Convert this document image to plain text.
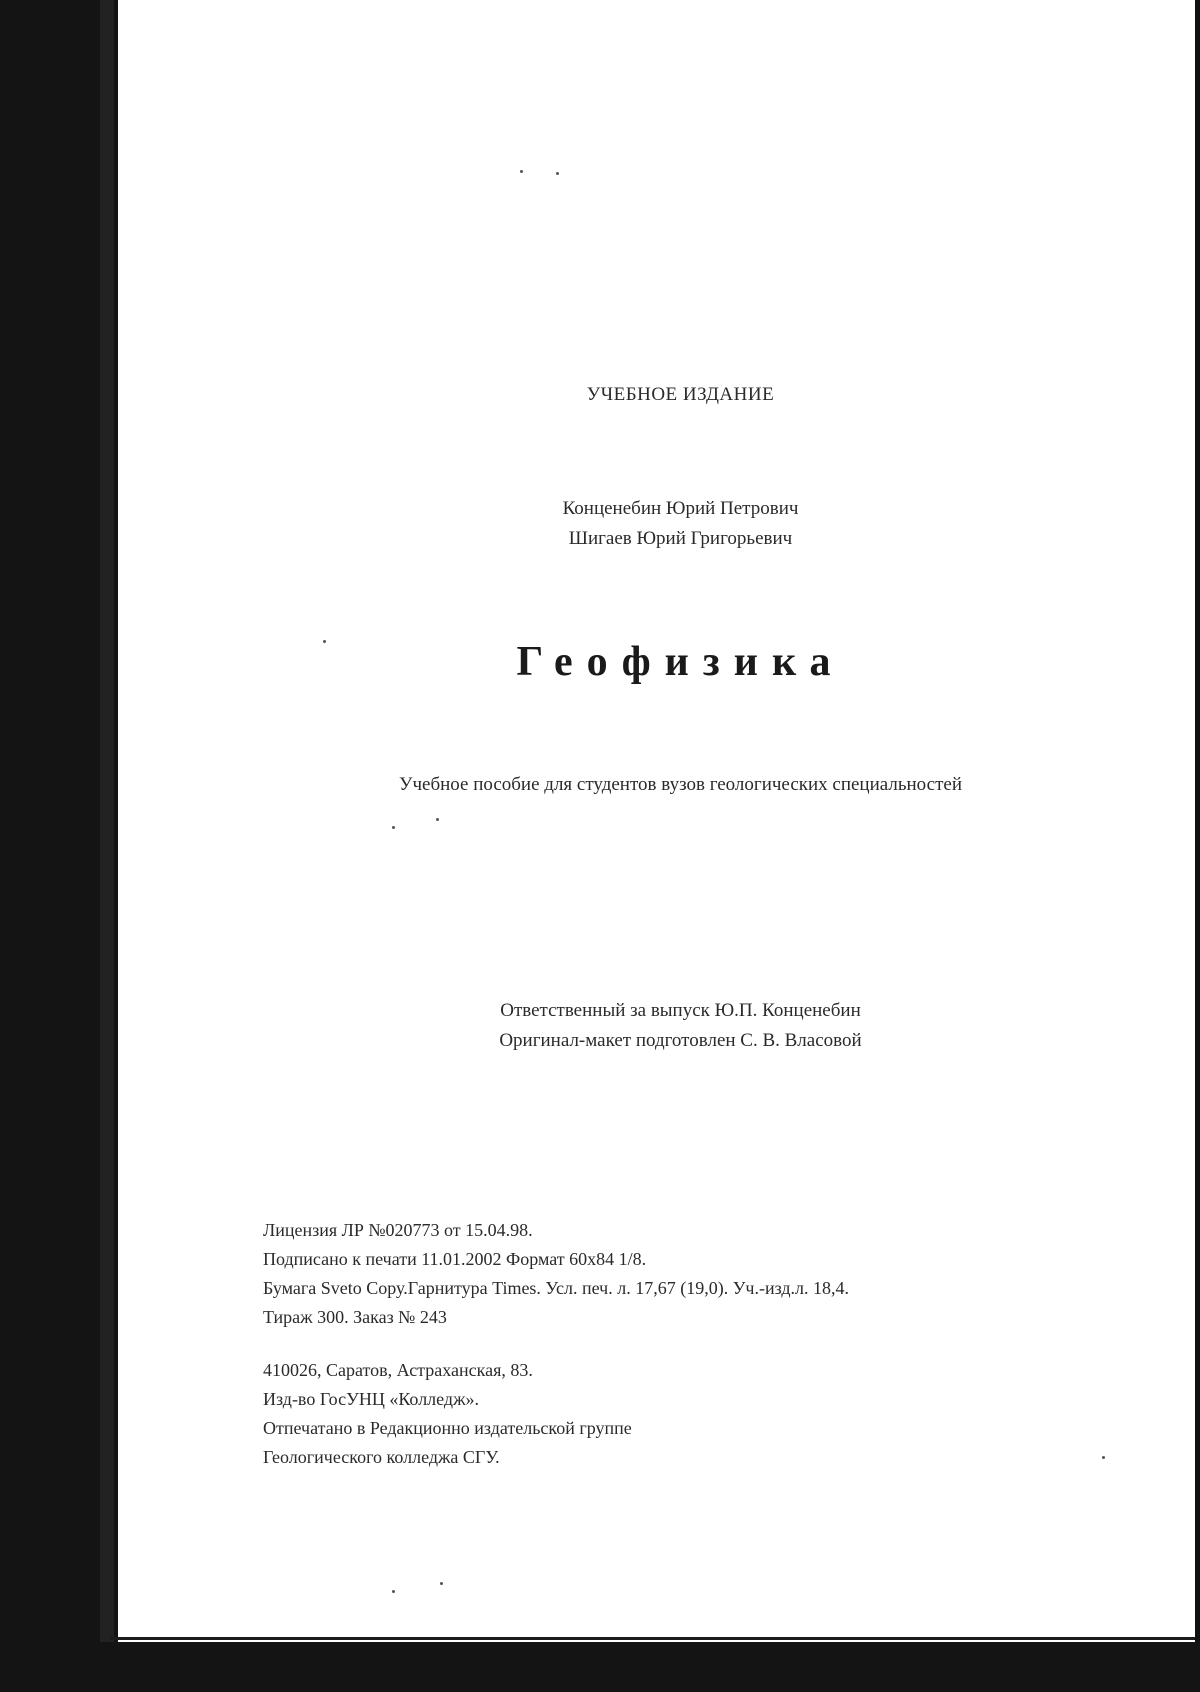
УЧЕБНОЕ ИЗДАНИЕ
Конценебин Юрий Петрович
Шигаев Юрий Григорьевич
Геофизика
Учебное пособие для студентов вузов геологических специальностей
Ответственный за выпуск Ю.П. Конценебин
Оригинал-макет подготовлен С. В. Власовой
Лицензия ЛР №020773 от 15.04.98.
Подписано к печати 11.01.2002 Формат 60х84 1/8.
Бумага Sveto Сору.Гарнитура Times. Усл. печ. л. 17,67 (19,0). Уч.-изд.л. 18,4.
Тираж 300. Заказ № 243
410026, Саратов, Астраханская, 83.
Изд-во ГосУНЦ «Колледж».
Отпечатано в Редакционно издательской группе
Геологического колледжа СГУ.
